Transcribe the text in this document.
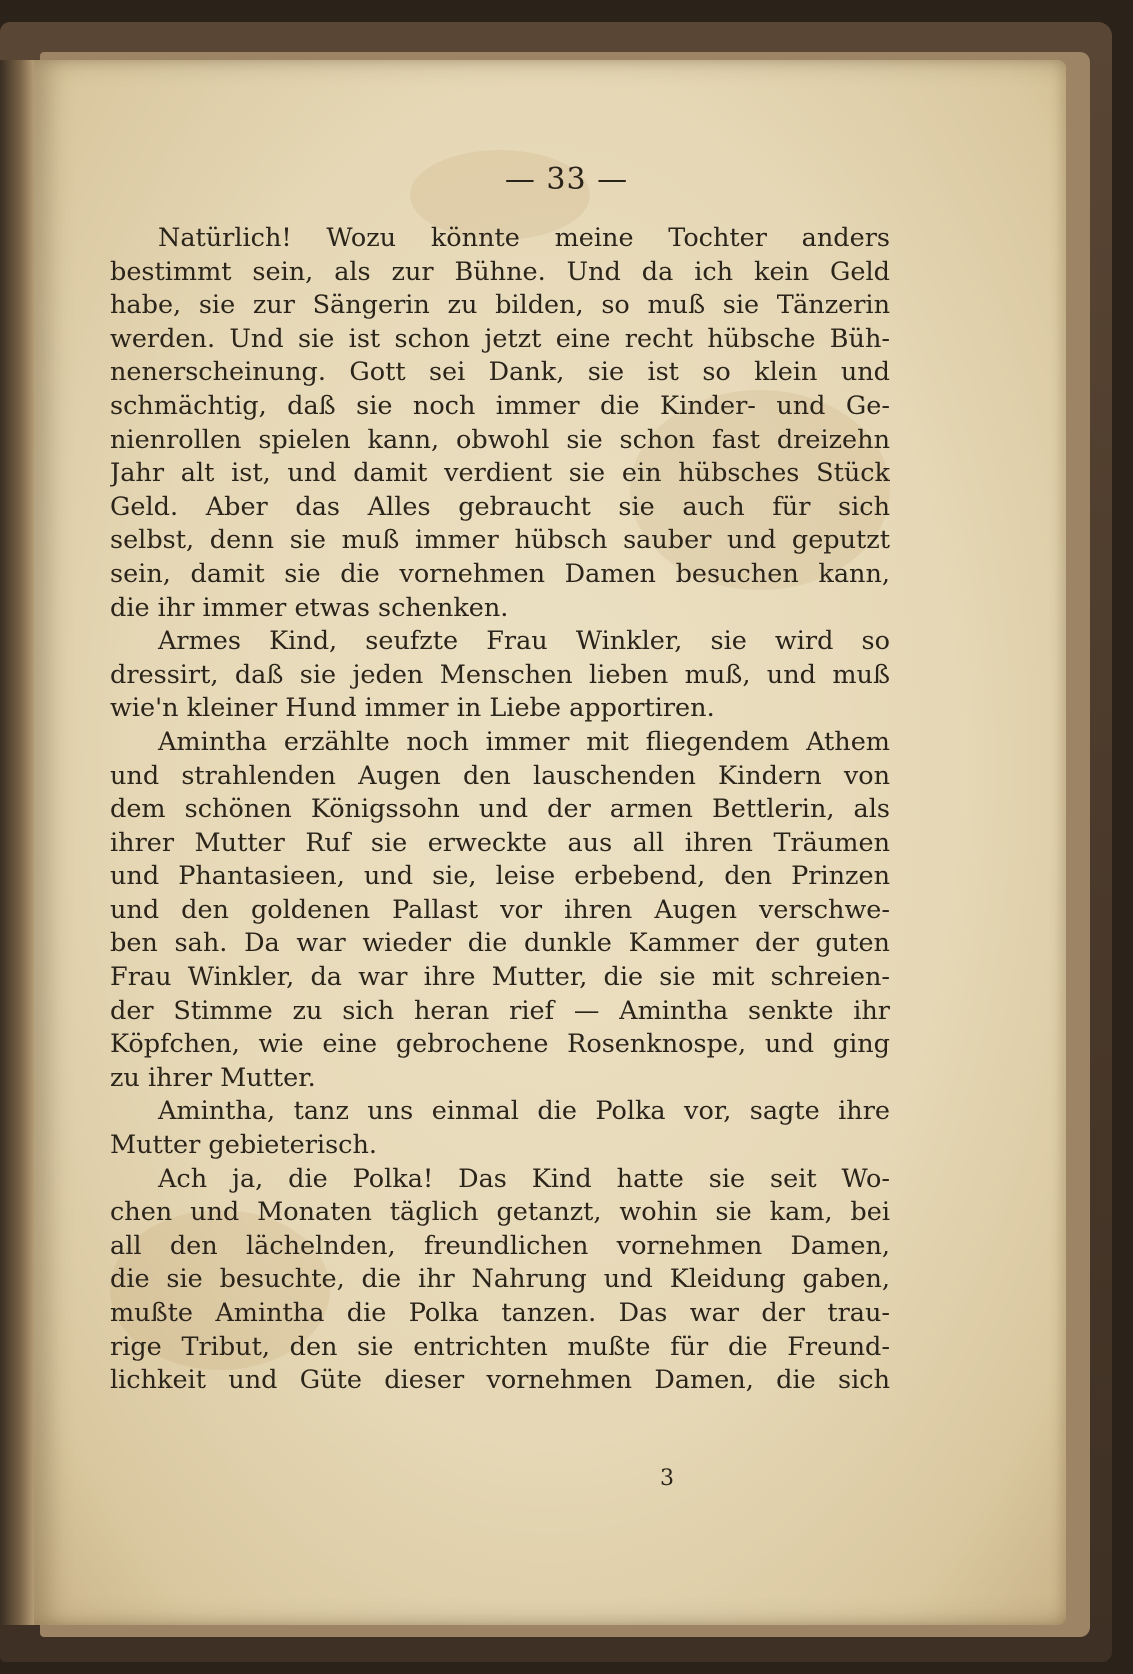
— 33 —
Natürlich! Wozu könnte meine Tochter anders
bestimmt sein, als zur Bühne. Und da ich kein Geld
habe, sie zur Sängerin zu bilden, so muß sie Tänzerin
werden. Und sie ist schon jetzt eine recht hübsche Büh-
nenerscheinung. Gott sei Dank, sie ist so klein und
schmächtig, daß sie noch immer die Kinder- und Ge-
nienrollen spielen kann, obwohl sie schon fast dreizehn
Jahr alt ist, und damit verdient sie ein hübsches Stück
Geld. Aber das Alles gebraucht sie auch für sich
selbst, denn sie muß immer hübsch sauber und geputzt
sein, damit sie die vornehmen Damen besuchen kann,
die ihr immer etwas schenken.
Armes Kind, seufzte Frau Winkler, sie wird so
dressirt, daß sie jeden Menschen lieben muß, und muß
wie'n kleiner Hund immer in Liebe apportiren.
Amintha erzählte noch immer mit fliegendem Athem
und strahlenden Augen den lauschenden Kindern von
dem schönen Königssohn und der armen Bettlerin, als
ihrer Mutter Ruf sie erweckte aus all ihren Träumen
und Phantasieen, und sie, leise erbebend, den Prinzen
und den goldenen Pallast vor ihren Augen verschwe-
ben sah. Da war wieder die dunkle Kammer der guten
Frau Winkler, da war ihre Mutter, die sie mit schreien-
der Stimme zu sich heran rief — Amintha senkte ihr
Köpfchen, wie eine gebrochene Rosenknospe, und ging
zu ihrer Mutter.
Amintha, tanz uns einmal die Polka vor, sagte ihre
Mutter gebieterisch.
Ach ja, die Polka! Das Kind hatte sie seit Wo-
chen und Monaten täglich getanzt, wohin sie kam, bei
all den lächelnden, freundlichen vornehmen Damen,
die sie besuchte, die ihr Nahrung und Kleidung gaben,
mußte Amintha die Polka tanzen. Das war der trau-
rige Tribut, den sie entrichten mußte für die Freund-
lichkeit und Güte dieser vornehmen Damen, die sich
3
